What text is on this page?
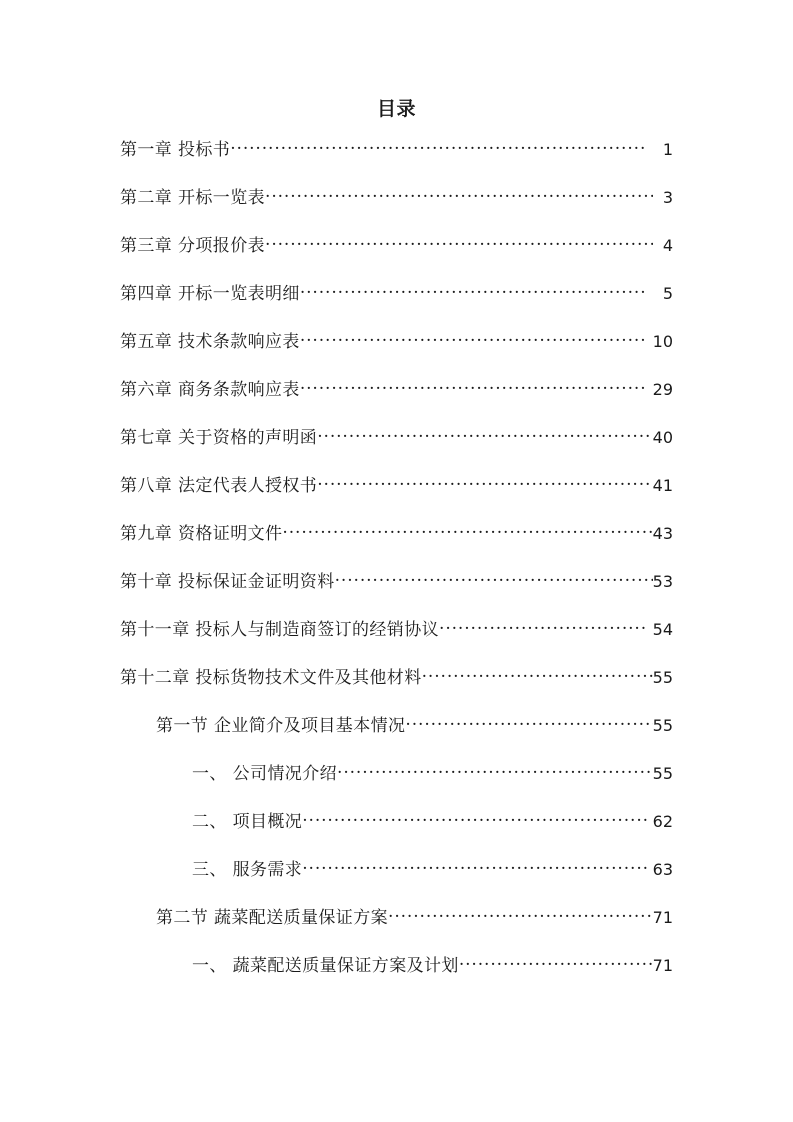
目录
第一章 投标书 .....	1
第二章 开标一览表 .....	3
第三章 分项报价表 .....	4
第四章 开标一览表明细 .....	5
第五章 技术条款响应表 .....	10
第六章 商务条款响应表 .....	29
第七章 关于资格的声明函 .....	40
第八章 法定代表人授权书 .....	41
第九章 资格证明文件 .....	43
第十章 投标保证金证明资料 .....	53
第十一章 投标人与制造商签订的经销协议 .....	54
第十二章 投标货物技术文件及其他材料 .....	55
第一节 企业简介及项目基本情况 .....	55
一、 公司情况介绍 .....	55
二、 项目概况 .....	62
三、 服务需求 .....	63
第二节 蔬菜配送质量保证方案 .....	71
一、 蔬菜配送质量保证方案及计划 .....	71
